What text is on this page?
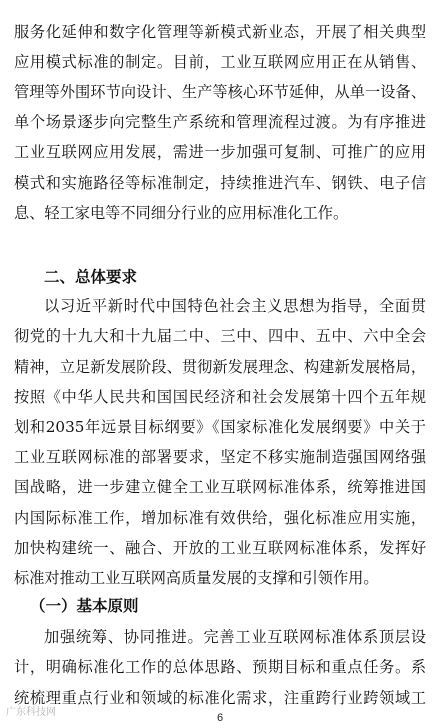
服务化延伸和数字化管理等新模式新业态，开展了相关典型
应用模式标准的制定。目前，工业互联网应用正在从销售、
管理等外围环节向设计、生产等核心环节延伸，从单一设备、
单个场景逐步向完整生产系统和管理流程过渡。为有序推进
工业互联网应用发展，需进一步加强可复制、可推广的应用
模式和实施路径等标准制定，持续推进汽车、钢铁、电子信
息、轻工家电等不同细分行业的应用标准化工作。
二、总体要求
以习近平新时代中国特色社会主义思想为指导，全面贯
彻党的十九大和十九届二中、三中、四中、五中、六中全会
精神，立足新发展阶段、贯彻新发展理念、构建新发展格局，
按照《中华人民共和国国民经济和社会发展第十四个五年规
划和2035年远景目标纲要》《国家标准化发展纲要》中关于
工业互联网标准的部署要求，坚定不移实施制造强国网络强
国战略，进一步建立健全工业互联网标准体系，统筹推进国
内国际标准工作，增加标准有效供给，强化标准应用实施，
加快构建统一、融合、开放的工业互联网标准体系，发挥好
标准对推动工业互联网高质量发展的支撑和引领作用。
（一）基本原则
加强统筹、协同推进。完善工业互联网标准体系顶层设
计，明确标准化工作的总体思路、预期目标和重点任务。系
统梳理重点行业和领域的标准化需求，注重跨行业跨领域工
广东科技网	6
